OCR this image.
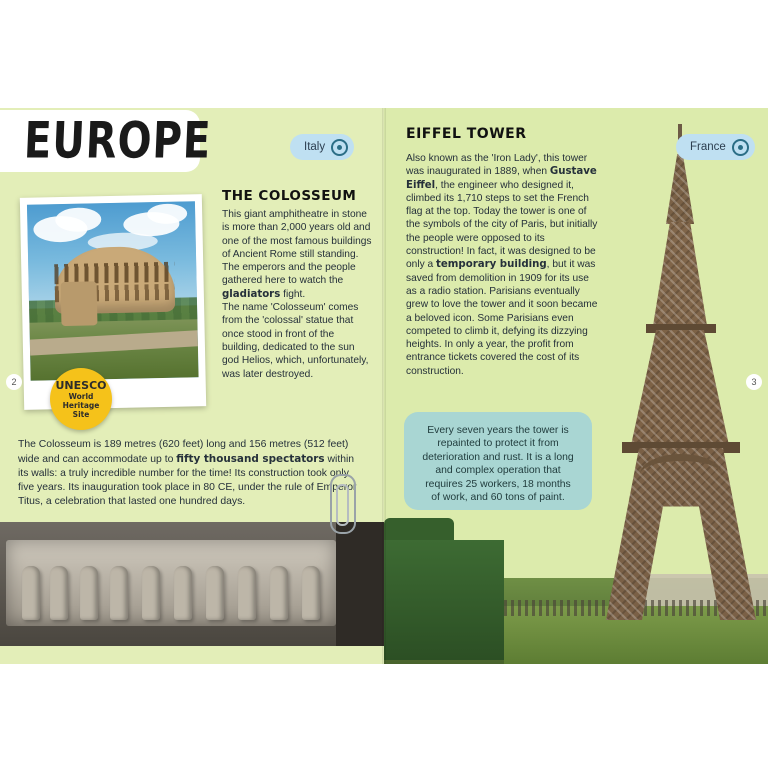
UNESCO
World
Heritage
Site
THE COLOSSEUM
This giant amphitheatre in stone is more than 2,000 years old and one of the most famous buildings of Ancient Rome still standing. The emperors and the people gathered here to watch the gladiators fight.
The name 'Colosseum' comes from the 'colossal' statue that once stood in front of the building, dedicated to the sun god Helios, which, unfortunately, was later destroyed.
The Colosseum is 189 metres (620 feet) long and 156 metres (512 feet) wide and can accommodate up to fifty thousand spectators within its walls: a truly incredible number for the time! Its construction took only five years. Its inauguration took place in 80 CE, under the rule of Emperor Titus, a celebration that lasted one hundred days.
EIFFEL TOWER
Also known as the 'Iron Lady', this tower was inaugurated in 1889, when Gustave Eiffel, the engineer who designed it, climbed its 1,710 steps to set the French flag at the top. Today the tower is one of the symbols of the city of Paris, but initially the people were opposed to its construction! In fact, it was designed to be only a temporary building, but it was saved from demolition in 1909 for its use as a radio station. Parisians eventually grew to love the tower and it soon became a beloved icon. Some Parisians even competed to climb it, defying its dizzying heights. In only a year, the profit from entrance tickets covered the cost of its construction.
Every seven years the tower is repainted to protect it from deterioration and rust. It is a long and complex operation that requires 25 workers, 18 months of work, and 60 tons of paint.
2	3
EUROPE	Italy	France
